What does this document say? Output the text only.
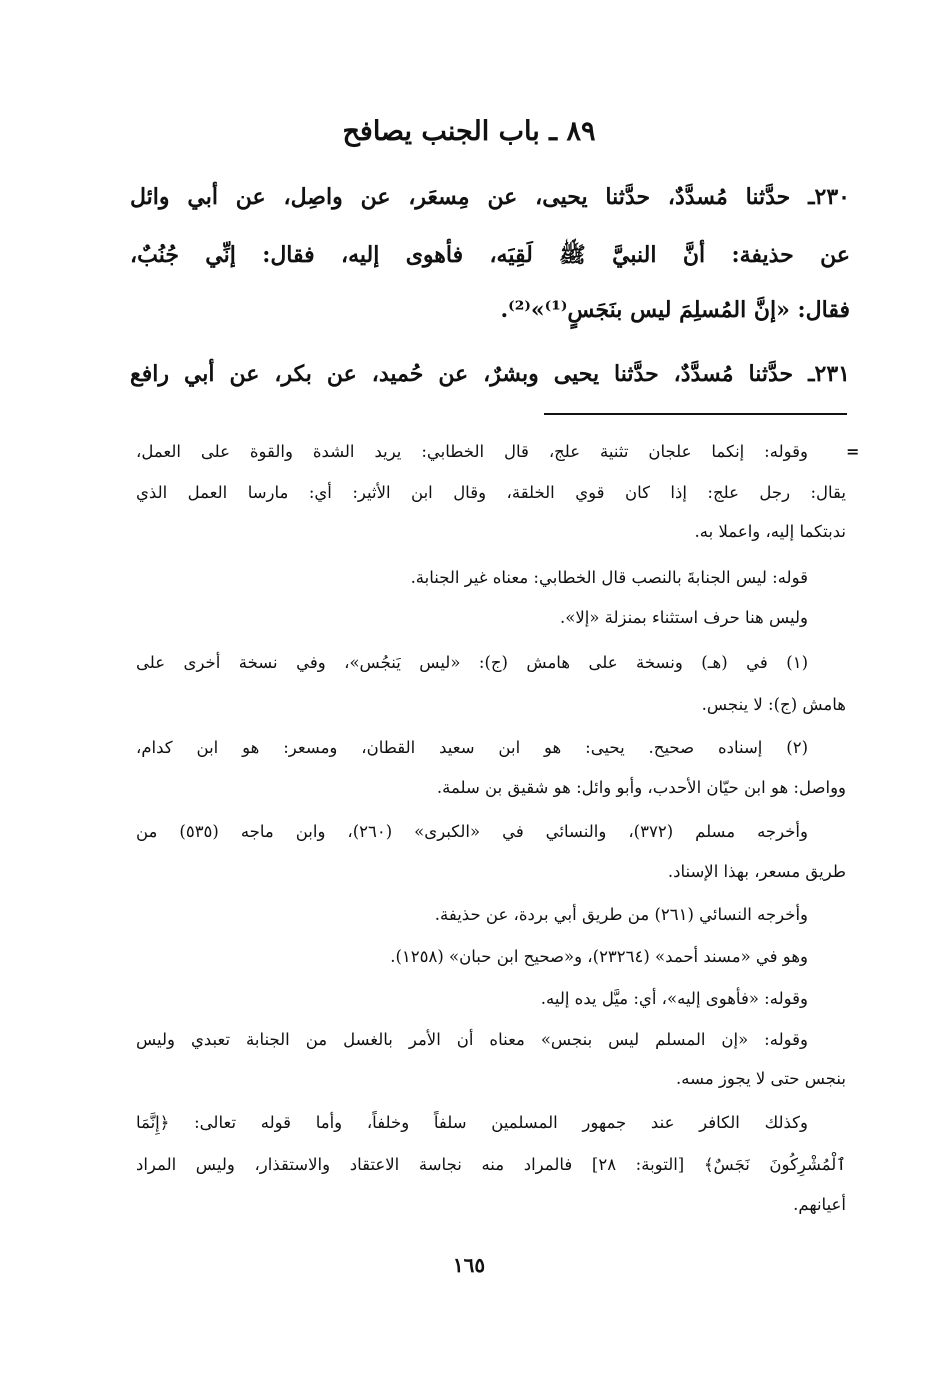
٨٩ ـ باب الجنب يصافح
٢٣٠ـ حدَّثنا مُسدَّدٌ، حدَّثنا يحيى، عن مِسعَر، عن واصِل، عن أبي وائل
عن حذيفة: أنَّ النبيَّ ﷺ لَقِيَه، فأهوى إليه، فقال: إنِّي جُنُبٌ،
فقال: «إنَّ المُسلِمَ ليس بنَجَسٍ⁽¹⁾»⁽²⁾.
٢٣١ـ حدَّثنا مُسدَّدٌ، حدَّثنا يحيى وبشرٌ، عن حُميد، عن بكر، عن أبي رافع
=
وقوله: إنكما علجان تثنية علج، قال الخطابي: يريد الشدة والقوة على العمل،
يقال: رجل علج: إذا كان قوي الخلقة، وقال ابن الأثير: أي: مارسا العمل الذي
ندبتكما إليه، واعملا به.
قوله: ليس الجنابةَ بالنصب قال الخطابي: معناه غير الجنابة.
وليس هنا حرف استثناء بمنزلة «إلا».
(١) في (هـ) ونسخة على هامش (ج): «ليس يَنجُس»، وفي نسخة أخرى على
هامش (ج): لا ينجس.
(٢) إسناده صحيح. يحيى: هو ابن سعيد القطان، ومسعر: هو ابن كدام،
وواصل: هو ابن حيّان الأحدب، وأبو وائل: هو شقيق بن سلمة.
وأخرجه مسلم (٣٧٢)، والنسائي في «الكبرى» (٢٦٠)، وابن ماجه (٥٣٥) من
طريق مسعر، بهذا الإسناد.
وأخرجه النسائي (٢٦١) من طريق أبي بردة، عن حذيفة.
وهو في «مسند أحمد» (٢٣٢٦٤)، و«صحيح ابن حبان» (١٢٥٨).
وقوله: «فأهوى إليه»، أي: ميَّل يده إليه.
وقوله: «إن المسلم ليس بنجس» معناه أن الأمر بالغسل من الجنابة تعبدي وليس
بنجس حتى لا يجوز مسه.
وكذلك الكافر عند جمهور المسلمين سلفاً وخلفاً، وأما قوله تعالى: ﴿إِنَّمَا
ٱلْمُشْرِكُونَ نَجَسٌ﴾ [التوبة: ٢٨] فالمراد منه نجاسة الاعتقاد والاستقذار، وليس المراد
أعيانهم.
١٦٥
